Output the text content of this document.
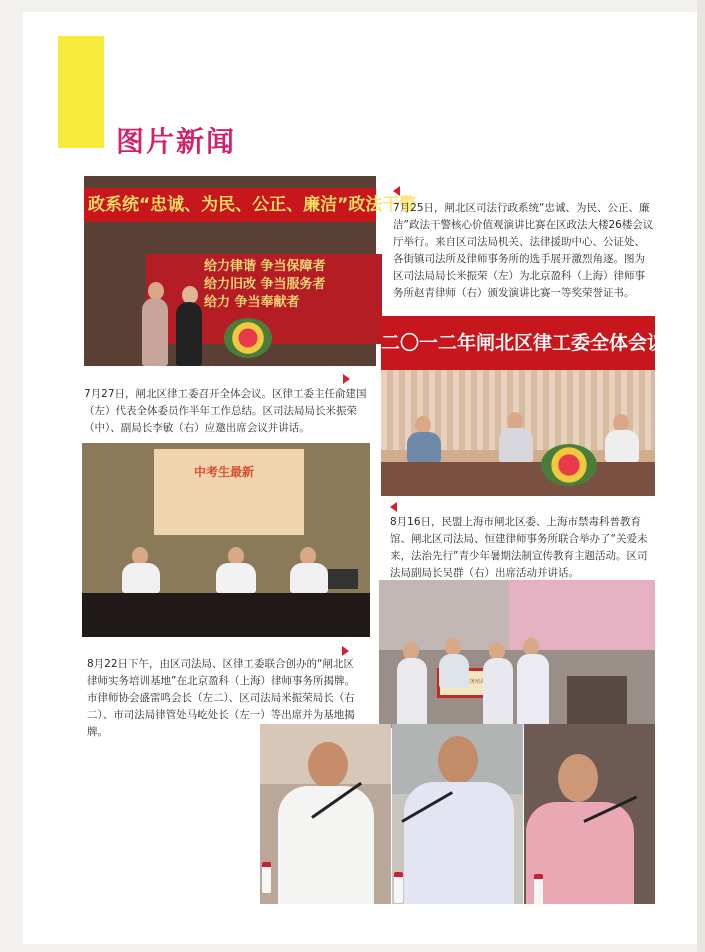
图片新闻
政系统“忠诚、为民、公正、廉洁”政法干警
给力律谐 争当保障者
给力旧改 争当服务者
给力 争当奉献者
7月25日，闸北区司法行政系统“忠诚、为民、公正、廉洁”政法干警核心价值观演讲比赛在区政法大楼26楼会议厅举行。来自区司法局机关、法律援助中心、公证处、各街镇司法所及律师事务所的选手展开激烈角逐。图为区司法局局长米振荣（左）为北京盈科（上海）律师事务所赵青律师（右）颁发演讲比赛一等奖荣誉证书。
二〇一二年闸北区律工委全体会议
7月27日，闸北区律工委召开全体会议。区律工委主任俞建国（左）代表全体委员作半年工作总结。区司法局局长米振荣（中）、副局长李敏（右）应邀出席会议并讲话。
中考生最新
8月16日，民盟上海市闸北区委、上海市禁毒科普教育馆、闸北区司法局、恒建律师事务所联合举办了“关爱未来，法治先行”青少年暑期法制宣传教育主题活动。区司法局副局长吴群（右）出席活动并讲话。
8月22日下午，由区司法局、区律工委联合创办的“闸北区律师实务培训基地”在北京盈科（上海）律师事务所揭牌。市律师协会盛雷鸣会长（左二）、区司法局米振荣局长（右二）、市司法局律管处马屹处长（左一）等出席并为基地揭牌。
